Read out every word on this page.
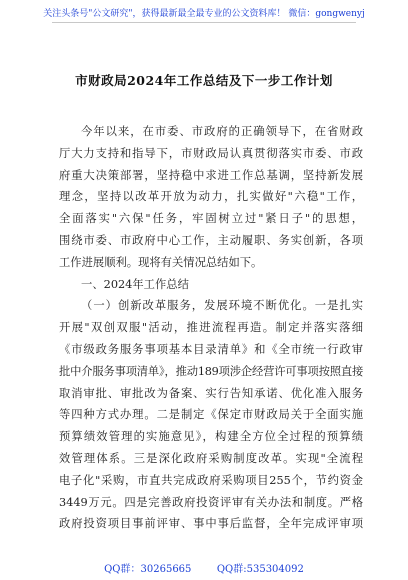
关注头条号"公文研究"，获得最新最全最专业的公文资料库！ 微信：gongwenyj
市财政局2024年工作总结及下一步工作计划
今年以来，在市委、市政府的正确领导下，在省财政
厅大力支持和指导下，市财政局认真贯彻落实市委、市政
府重大决策部署，坚持稳中求进工作总基调，坚持新发展
理念，坚持以改革开放为动力，扎实做好"六稳"工作，
全面落实"六保"任务，牢固树立过"紧日子"的思想，
围绕市委、市政府中心工作，主动履职、务实创新，各项
工作进展顺利。现将有关情况总结如下。
一、2024年工作总结
（一）创新改革服务，发展环境不断优化。一是扎实
开展"双创双服"活动，推进流程再造。制定并落实落细
《市级政务服务事项基本目录清单》和《全市统一行政审
批中介服务事项清单》，推动189项涉企经营许可事项按照直接
取消审批、审批改为备案、实行告知承诺、优化准入服务
等四种方式办理。二是制定《保定市财政局关于全面实施
预算绩效管理的实施意见》，构建全方位全过程的预算绩
效管理体系。三是深化政府采购制度改革。实现"全流程
电子化"采购，市直共完成政府采购项目255个，节约资金
3449万元。四是完善政府投资评审有关办法和制度。严格
政府投资项目事前评审、事中事后监督，全年完成评审项
QQ群：30265665	QQ群:535304092
